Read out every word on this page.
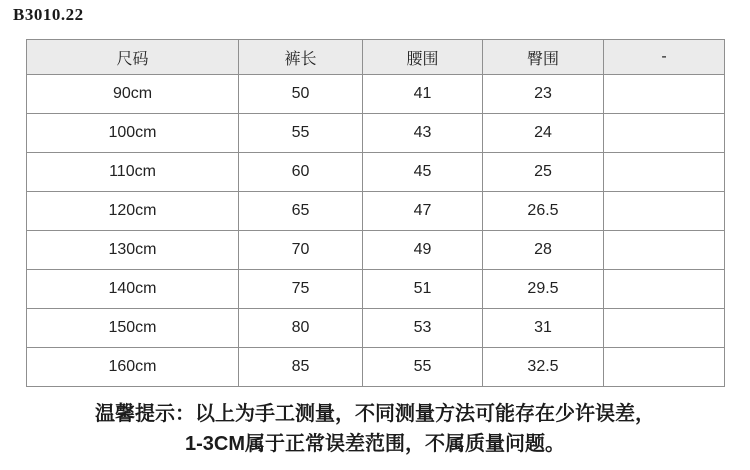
B3010.22
尺码	裤长	腰围	臀围	-
90cm	50	41	23	
100cm	55	43	24	
110cm	60	45	25	
120cm	65	47	26.5	
130cm	70	49	28	
140cm	75	51	29.5	
150cm	80	53	31	
160cm	85	55	32.5	
温馨提示：以上为手工测量，不同测量方法可能存在少许误差，
1-3CM属于正常误差范围，不属质量问题。
